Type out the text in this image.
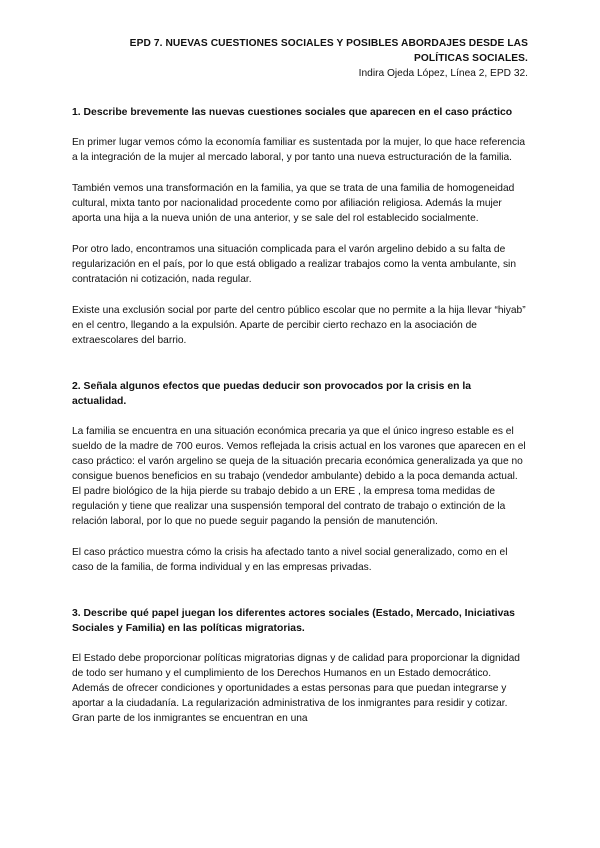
EPD 7. NUEVAS CUESTIONES SOCIALES Y POSIBLES ABORDAJES DESDE LAS POLÍTICAS SOCIALES.
Indira Ojeda López, Línea 2, EPD 32.
1. Describe brevemente las nuevas cuestiones sociales que aparecen en el caso práctico

En primer lugar vemos cómo la economía familiar es sustentada por la mujer, lo que hace referencia a la integración de la mujer al mercado laboral, y por tanto una nueva estructuración de la familia.

También vemos una transformación en la familia, ya que se trata de una familia de homogeneidad cultural, mixta tanto por nacionalidad procedente como por afiliación religiosa. Además la mujer aporta una hija a la nueva unión de una anterior, y se sale del rol establecido socialmente.

Por otro lado, encontramos una situación complicada para el varón argelino debido a su falta de regularización en el país, por lo que está obligado a realizar trabajos como la venta ambulante, sin contratación ni cotización, nada regular.

Existe una exclusión social por parte del centro público escolar que no permite a la hija llevar “hiyab” en el centro, llegando a la expulsión. Aparte de percibir cierto rechazo en la asociación de extraescolares del barrio.

2. Señala algunos efectos que puedas deducir son provocados por la crisis en la actualidad.

La familia se encuentra en una situación económica precaria ya que el único ingreso estable es el sueldo de la madre de 700 euros. Vemos reflejada la crisis actual en los varones que aparecen en el caso práctico: el varón argelino se queja de la situación precaria económica generalizada ya que no consigue buenos beneficios en su trabajo (vendedor ambulante) debido a la poca demanda actual. El padre biológico de la hija pierde su trabajo debido a un ERE , la empresa toma medidas de regulación y tiene que realizar una suspensión temporal del contrato de trabajo o extinción de la relación laboral, por lo que no puede seguir pagando la pensión de manutención.

El caso práctico muestra cómo la crisis ha afectado tanto a nivel social generalizado, como en el caso de la familia, de forma individual y en las empresas privadas.

3. Describe qué papel juegan los diferentes actores sociales (Estado, Mercado, Iniciativas Sociales y Familia) en las políticas migratorias.

El Estado debe proporcionar políticas migratorias dignas y de calidad para proporcionar la dignidad de todo ser humano y el cumplimiento de los Derechos Humanos en un Estado democrático. Además de ofrecer condiciones y oportunidades a estas personas para que puedan integrarse y aportar a la ciudadanía. La regularización administrativa de los inmigrantes para residir y cotizar. Gran parte de los inmigrantes se encuentran en una
